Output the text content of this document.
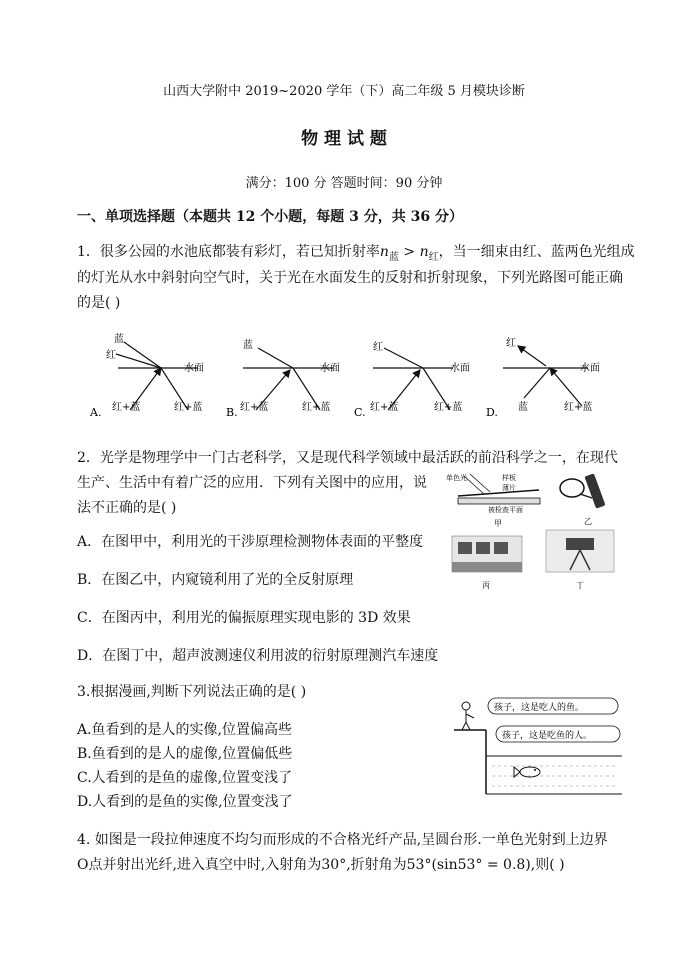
山西大学附中 2019~2020 学年（下）高二年级 5 月模块诊断
物 理 试 题
满分：100 分 答题时间：90 分钟
一、单项选择题（本题共 12 个小题，每题 3 分，共 36 分）
1．很多公园的水池底都装有彩灯，若已知折射率$n_蓝 > n_红$，当一细束由红、蓝两色光组成
的灯光从水中斜射向空气时，关于光在水面发生的反射和折射现象，下列光路图可能正确
的是( )
蓝
红
水面
红+蓝	红+蓝
A.
蓝
水面
红+蓝	红+蓝
B.
红
水面
红+蓝	红+蓝
C.
红
水面
蓝	红+蓝
D.
2．光学是物理学中一门古老科学，又是现代科学领域中最活跃的前沿科学之一，在现代
生产、生活中有着广泛的应用．下列有关图中的应用，说
法不正确的是( )
A．在图甲中，利用光的干涉原理检测物体表面的平整度
B．在图乙中，内窥镜利用了光的全反射原理
C．在图丙中，利用光的偏振原理实现电影的 3D 效果
D．在图丁中，超声波测速仪利用波的衍射原理测汽车速度
单色光	样板
薄片
被检查平面
甲	乙
丙	丁
3.根据漫画,判断下列说法正确的是( )
A.鱼看到的是人的实像,位置偏高些
B.鱼看到的是人的虚像,位置偏低些
C.人看到的是鱼的虚像,位置变浅了
D.人看到的是鱼的实像,位置变浅了
孩子，这是吃人的鱼。
孩子，这是吃鱼的人。
4. 如图是一段拉伸速度不均匀而形成的不合格光纤产品,呈圆台形.一单色光射到上边界
O点并射出光纤,进入真空中时,入射角为30°,折射角为53°(sin53° = 0.8),则( )
